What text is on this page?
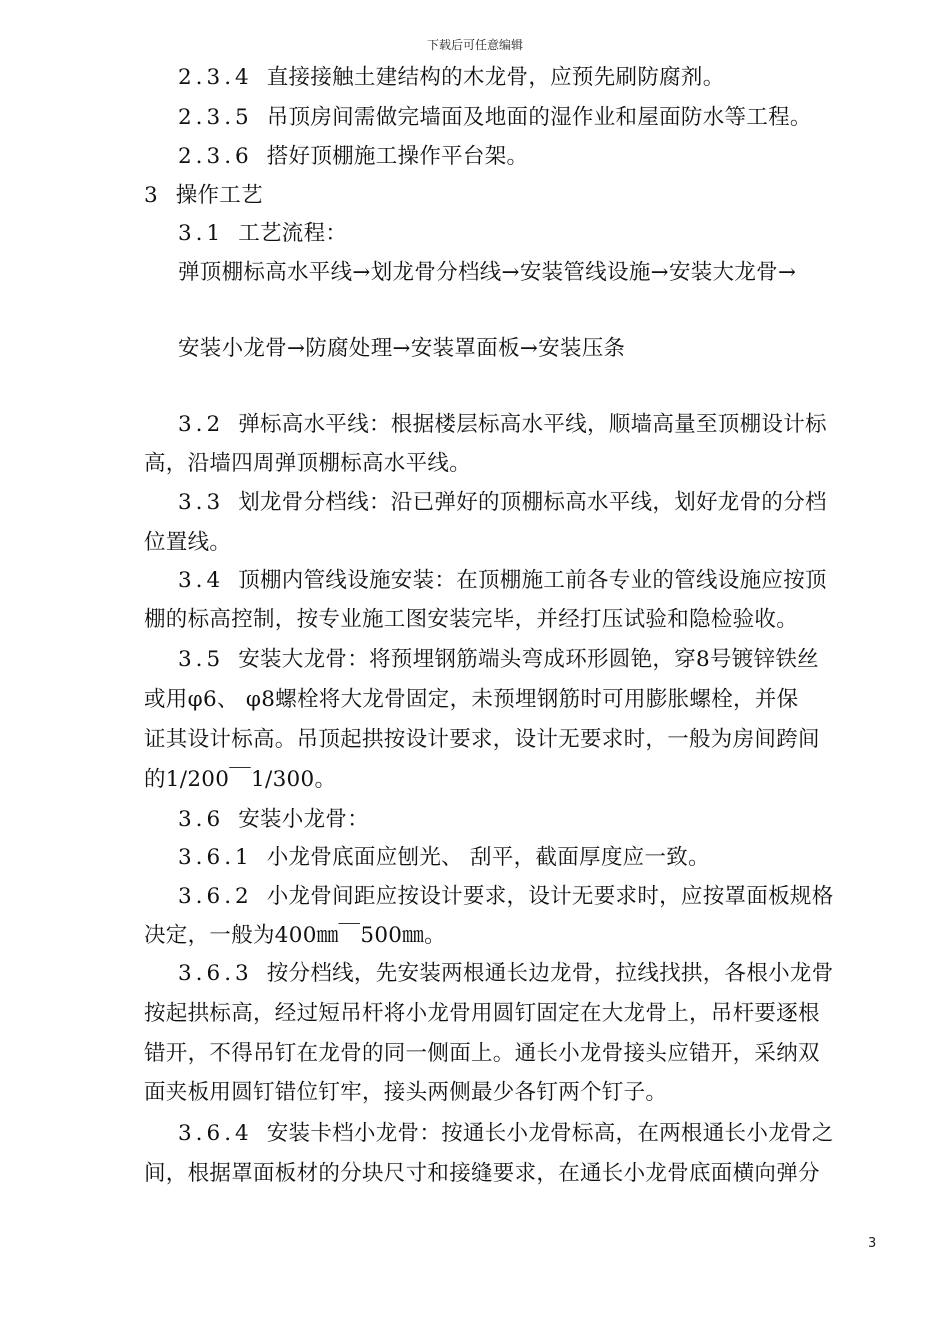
下载后可任意编辑
2.3.4 直接接触土建结构的木龙骨，应预先刷防腐剂。
2.3.5 吊顶房间需做完墙面及地面的湿作业和屋面防水等工程。
2.3.6 搭好顶棚施工操作平台架。
3 操作工艺
3.1 工艺流程：
弹顶棚标高水平线→划龙骨分档线→安装管线设施→安装大龙骨→
安装小龙骨→防腐处理→安装罩面板→安装压条
3.2 弹标高水平线：根据楼层标高水平线，顺墙高量至顶棚设计标
高，沿墙四周弹顶棚标高水平线。
3.3 划龙骨分档线：沿已弹好的顶棚标高水平线，划好龙骨的分档
位置线。
3.4 顶棚内管线设施安装：在顶棚施工前各专业的管线设施应按顶
棚的标高控制，按专业施工图安装完毕，并经打压试验和隐检验收。
3.5 安装大龙骨：将预埋钢筋端头弯成环形圆铯，穿8号镀锌铁丝
或用φ6、 φ8螺栓将大龙骨固定，未预埋钢筋时可用膨胀螺栓，并保
证其设计标高。吊顶起拱按设计要求，设计无要求时，一般为房间跨间
的1/200￣1/300。
3.6 安装小龙骨：
3.6.1 小龙骨底面应刨光、 刮平，截面厚度应一致。
3.6.2 小龙骨间距应按设计要求，设计无要求时，应按罩面板规格
决定，一般为400㎜￣500㎜。
3.6.3 按分档线，先安装两根通长边龙骨，拉线找拱，各根小龙骨
按起拱标高，经过短吊杆将小龙骨用圆钉固定在大龙骨上，吊杆要逐根
错开，不得吊钉在龙骨的同一侧面上。通长小龙骨接头应错开，采纳双
面夹板用圆钉错位钉牢，接头两侧最少各钉两个钉子。
3.6.4 安装卡档小龙骨：按通长小龙骨标高，在两根通长小龙骨之
间，根据罩面板材的分块尺寸和接缝要求，在通长小龙骨底面横向弹分
3
